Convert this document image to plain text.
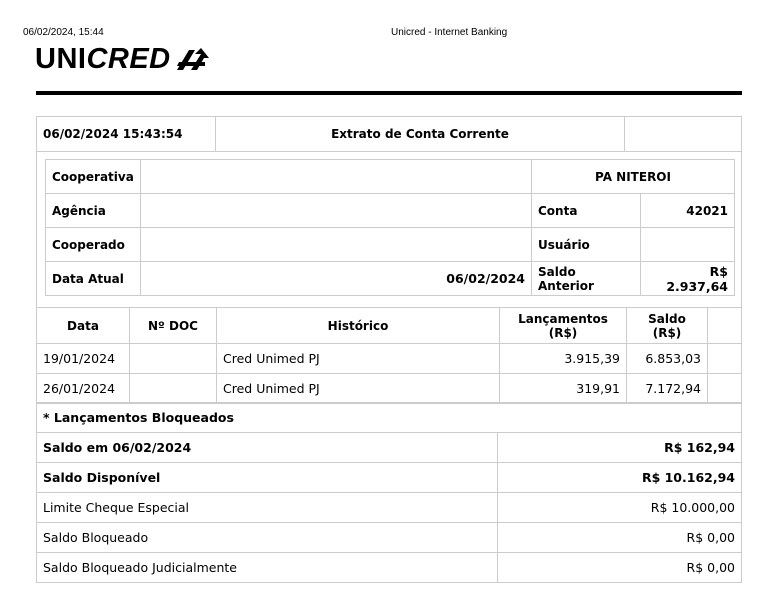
06/02/2024, 15:44	Unicred - Internet Banking
UNICRED
06/02/2024 15:43:54	Extrato de Conta Corrente	
Cooperativa		PA NITEROI	
Agência		Conta	42021
Cooperado		Usuário	
Data Atual	06/02/2024	Saldo Anterior	R$ 2.937,64
Data	Nº DOC	Histórico	Lançamentos (R$)	Saldo (R$)	
19/01/2024		Cred Unimed PJ	3.915,39	6.853,03	
26/01/2024		Cred Unimed PJ	319,91	7.172,94	
* Lançamentos Bloqueados	
Saldo em 06/02/2024	R$ 162,94
Saldo Disponível	R$ 10.162,94
Limite Cheque Especial	R$ 10.000,00
Saldo Bloqueado	R$ 0,00
Saldo Bloqueado Judicialmente	R$ 0,00
